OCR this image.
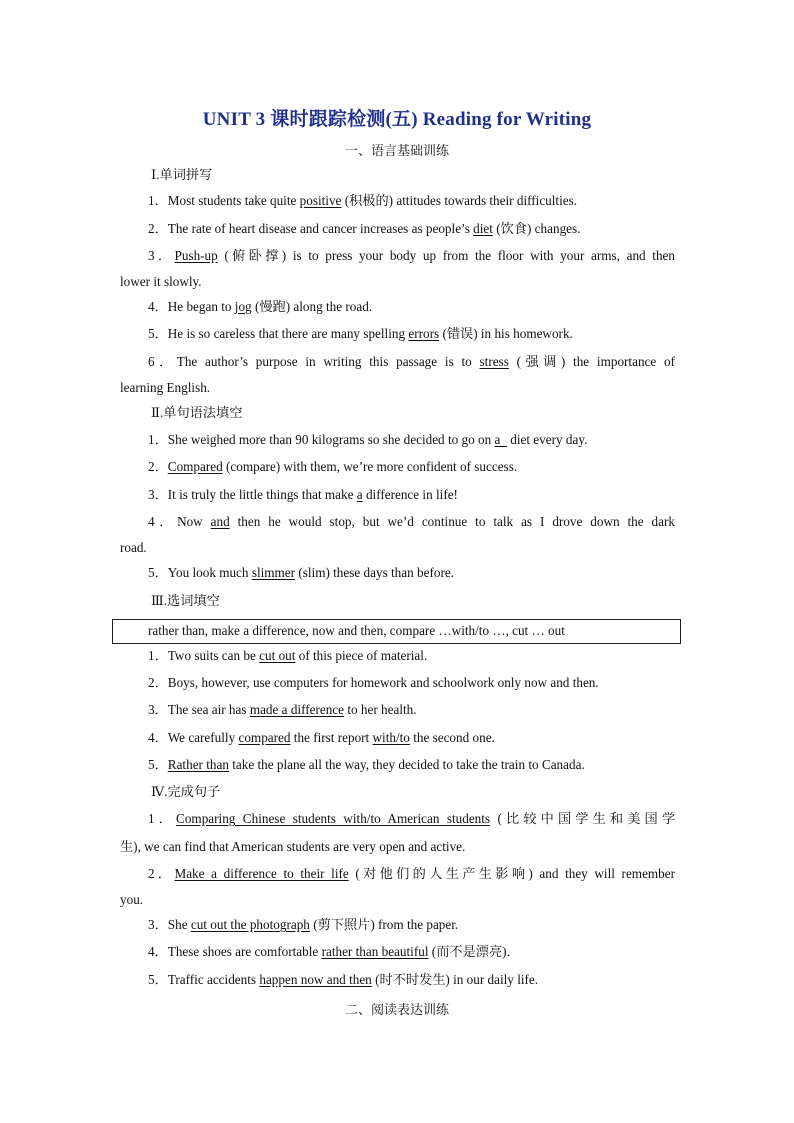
UNIT 3 课时跟踪检测(五) Reading for Writing
一、语言基础训练
Ⅰ.单词拼写
1．Most students take quite positive (积极的) attitudes towards their difficulties.
2．The rate of heart disease and cancer increases as people’s diet (饮食) changes.
3．Push-up (俯卧撑) is to press your body up from the floor with your arms, and then
lower it slowly.
4．He began to jog (慢跑) along the road.
5．He is so careless that there are many spelling errors (错误) in his homework.
6．The author’s purpose in writing this passage is to stress (强调) the importance of
learning English.
Ⅱ.单句语法填空
1．She weighed more than 90 kilograms so she decided to go on a   diet every day.
2．Compared (compare) with them, we’re more confident of success.
3．It is truly the little things that make a difference in life!
4．Now and then he would stop, but we’d continue to talk as I drove down the dark
road.
5．You look much slimmer (slim) these days than before.
Ⅲ.选词填空
rather than, make a difference, now and then, compare …with/to …, cut … out
1．Two suits can be cut out of this piece of material.
2．Boys, however, use computers for homework and schoolwork only now and then.
3．The sea air has made a difference to her health.
4．We carefully compared the first report with/to the second one.
5．Rather than take the plane all the way, they decided to take the train to Canada.
Ⅳ.完成句子
1．Comparing Chinese students with/to American students (比较中国学生和美国学
生), we can find that American students are very open and active.
2．Make a difference to their life (对他们的人生产生影响) and they will remember
you.
3．She cut out the photograph (剪下照片) from the paper.
4．These shoes are comfortable rather than beautiful (而不是漂亮)．
5．Traffic accidents happen now and then (时不时发生) in our daily life.
二、阅读表达训练
